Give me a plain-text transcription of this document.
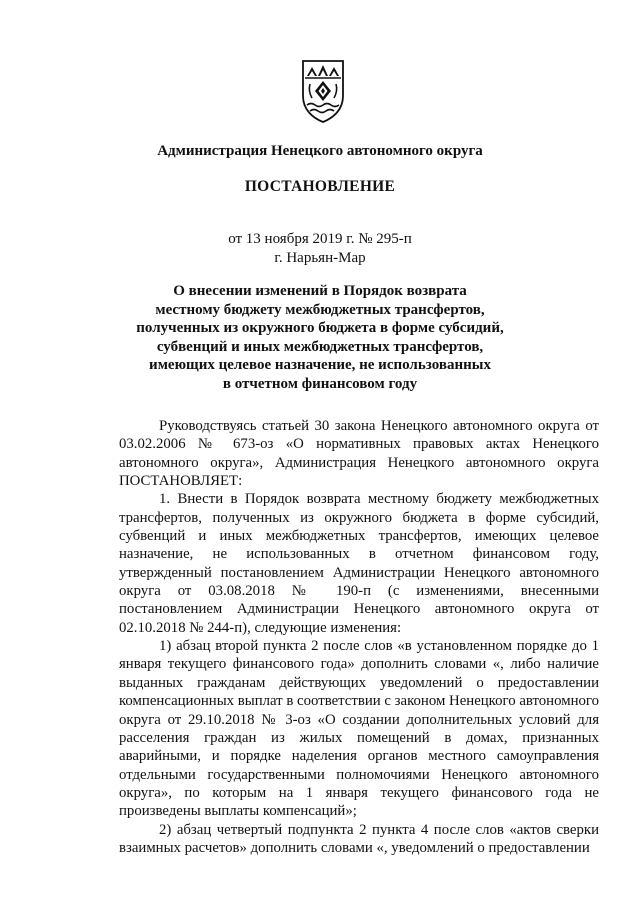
Администрация Ненецкого автономного округа
ПОСТАНОВЛЕНИЕ
от 13 ноября 2019 г. № 295-п
г. Нарьян-Мар
О внесении изменений в Порядок возврата
местному бюджету межбюджетных трансфертов,
полученных из окружного бюджета в форме субсидий,
субвенций и иных межбюджетных трансфертов,
имеющих целевое назначение, не использованных
в отчетном финансовом году

Руководствуясь статьей 30 закона Ненецкого автономного округа от 03.02.2006 № 673-оз «О нормативных правовых актах Ненецкого автономного округа», Администрация Ненецкого автономного округа ПОСТАНОВЛЯЕТ:

1. Внести в Порядок возврата местному бюджету межбюджетных трансфертов, полученных из окружного бюджета в форме субсидий, субвенций и иных межбюджетных трансфертов, имеющих целевое назначение, не использованных в отчетном финансовом году, утвержденный постановлением Администрации Ненецкого автономного округа от 03.08.2018 № 190-п (с изменениями, внесенными постановлением Администрации Ненецкого автономного округа от 02.10.2018 № 244-п), следующие изменения:

1) абзац второй пункта 2 после слов «в установленном порядке до 1 января текущего финансового года» дополнить словами «, либо наличие выданных гражданам действующих уведомлений о предоставлении компенсационных выплат в соответствии с законом Ненецкого автономного округа от 29.10.2018 № 3-оз «О создании дополнительных условий для расселения граждан из жилых помещений в домах, признанных аварийными, и порядке наделения органов местного самоуправления отдельными государственными полномочиями Ненецкого автономного округа», по которым на 1 января текущего финансового года не произведены выплаты компенсаций»;

2) абзац четвертый подпункта 2 пункта 4 после слов «актов сверки взаимных расчетов» дополнить словами «, уведомлений о предоставлении
